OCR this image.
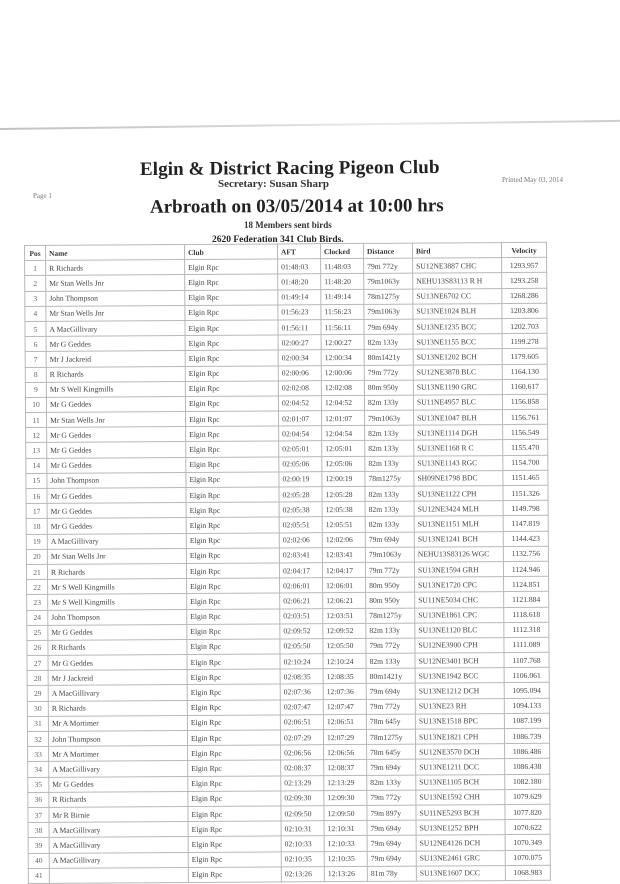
Page 1
Printed May 03, 2014
Elgin & District Racing Pigeon Club
Secretary: Susan Sharp
Arbroath on 03/05/2014 at 10:00 hrs
18 Members sent birds
2620 Federation 341 Club Birds.
Pos	Name	Club	AFT	Clocked	Distance	Bird	Velocity
1	R Richards	Elgin Rpc	01:48:03	11:48:03	79m 772y	SU12NE3887 CHC	1293.957
2	Mr Stan Wells Jnr	Elgin Rpc	01:48:20	11:48:20	79m1063y	NEHU13S83113 R H	1293.258
3	John Thompson	Elgin Rpc	01:49:14	11:49:14	78m1275y	SU13NE6702 CC	1268.286
4	Mr Stan Wells Jnr	Elgin Rpc	01:56:23	11:56:23	79m1063y	SU13NE1024 BLH	1203.806
5	A MacGillivary	Elgin Rpc	01:56:11	11:56:11	79m 694y	SU13NE1235 BCC	1202.703
6	Mr G Geddes	Elgin Rpc	02:00:27	12:00:27	82m 133y	SU13NE1155 BCC	1199.278
7	Mr J Jackreid	Elgin Rpc	02:00:34	12:00:34	80m1421y	SU13NE1202 BCH	1179.605
8	R Richards	Elgin Rpc	02:00:06	12:00:06	79m 772y	SU12NE3878 BLC	1164.130
9	Mr S Well Kingmills	Elgin Rpc	02:02:08	12:02:08	80m 950y	SU13NE1190 GRC	1160.617
10	Mr G Geddes	Elgin Rpc	02:04:52	12:04:52	82m 133y	SU11NE4957 BLC	1156.858
11	Mr Stan Wells Jnr	Elgin Rpc	02:01:07	12:01:07	79m1063y	SU13NE1047 BLH	1156.761
12	Mr G Geddes	Elgin Rpc	02:04:54	12:04:54	82m 133y	SU13NE1114 DGH	1156.549
13	Mr G Geddes	Elgin Rpc	02:05:01	12:05:01	82m 133y	SU13NE1168 R C	1155.470
14	Mr G Geddes	Elgin Rpc	02:05:06	12:05:06	82m 133y	SU13NE1143 RGC	1154.700
15	John Thompson	Elgin Rpc	02:00:19	12:00:19	78m1275y	SH09NE1798 BDC	1151.465
16	Mr G Geddes	Elgin Rpc	02:05:28	12:05:28	82m 133y	SU13NE1122 CPH	1151.326
17	Mr G Geddes	Elgin Rpc	02:05:38	12:05:38	82m 133y	SU12NE3424 MLH	1149.798
18	Mr G Geddes	Elgin Rpc	02:05:51	12:05:51	82m 133y	SU13NE1151 MLH	1147.819
19	A MacGillivary	Elgin Rpc	02:02:06	12:02:06	79m 694y	SU13NE1241 BCH	1144.423
20	Mr Stan Wells Jnr	Elgin Rpc	02:03:41	12:03:41	79m1063y	NEHU13S83126 WGC	1132.756
21	R Richards	Elgin Rpc	02:04:17	12:04:17	79m 772y	SU13NE1594 GRH	1124.946
22	Mr S Well Kingmills	Elgin Rpc	02:06:01	12:06:01	80m 950y	SU13NE1720 CPC	1124.851
23	Mr S Well Kingmills	Elgin Rpc	02:06:21	12:06:21	80m 950y	SU11NE5034 CHC	1121.884
24	John Thompson	Elgin Rpc	02:03:51	12:03:51	78m1275y	SU13NE1861 CPC	1118.618
25	Mr G Geddes	Elgin Rpc	02:09:52	12:09:52	82m 133y	SU13NE1120 BLC	1112.318
26	R Richards	Elgin Rpc	02:05:50	12:05:50	79m 772y	SU12NE3900 CPH	1111.089
27	Mr G Geddes	Elgin Rpc	02:10:24	12:10:24	82m 133y	SU12NE3401 BCH	1107.768
28	Mr J Jackreid	Elgin Rpc	02:08:35	12:08:35	80m1421y	SU13NE1942 BCC	1106.061
29	A MacGillivary	Elgin Rpc	02:07:36	12:07:36	79m 694y	SU13NE1212 DCH	1095.094
30	R Richards	Elgin Rpc	02:07:47	12:07:47	79m 772y	SU13NE23 RH	1094.133
31	Mr A Mortimer	Elgin Rpc	02:06:51	12:06:51	78m 645y	SU13NE1518 BPC	1087.199
32	John Thompson	Elgin Rpc	02:07:29	12:07:29	78m1275y	SU13NE1821 CPH	1086.739
33	Mr A Mortimer	Elgin Rpc	02:06:56	12:06:56	78m 645y	SU12NE3570 DCH	1086.486
34	A MacGillivary	Elgin Rpc	02:08:37	12:08:37	79m 694y	SU13NE1211 DCC	1086.438
35	Mr G Geddes	Elgin Rpc	02:13:29	12:13:29	82m 133y	SU13NE1105 BCH	1082.180
36	R Richards	Elgin Rpc	02:09:30	12:09:30	79m 772y	SU13NE1592 CHH	1079.629
37	Mr R Birnie	Elgin Rpc	02:09:50	12:09:50	79m 897y	SU11NE5293 BCH	1077.820
38	A MacGillivary	Elgin Rpc	02:10:31	12:10:31	79m 694y	SU13NE1252 BPH	1070.622
39	A MacGillivary	Elgin Rpc	02:10:33	12:10:33	79m 694y	SU12NE4126 DCH	1070.349
40	A MacGillivary	Elgin Rpc	02:10:35	12:10:35	79m 694y	SU13NE2461 GRC	1070.075
41		Elgin Rpc	02:13:26	12:13:26	81m 78y	SU13NE1607 DCC	1068.983
